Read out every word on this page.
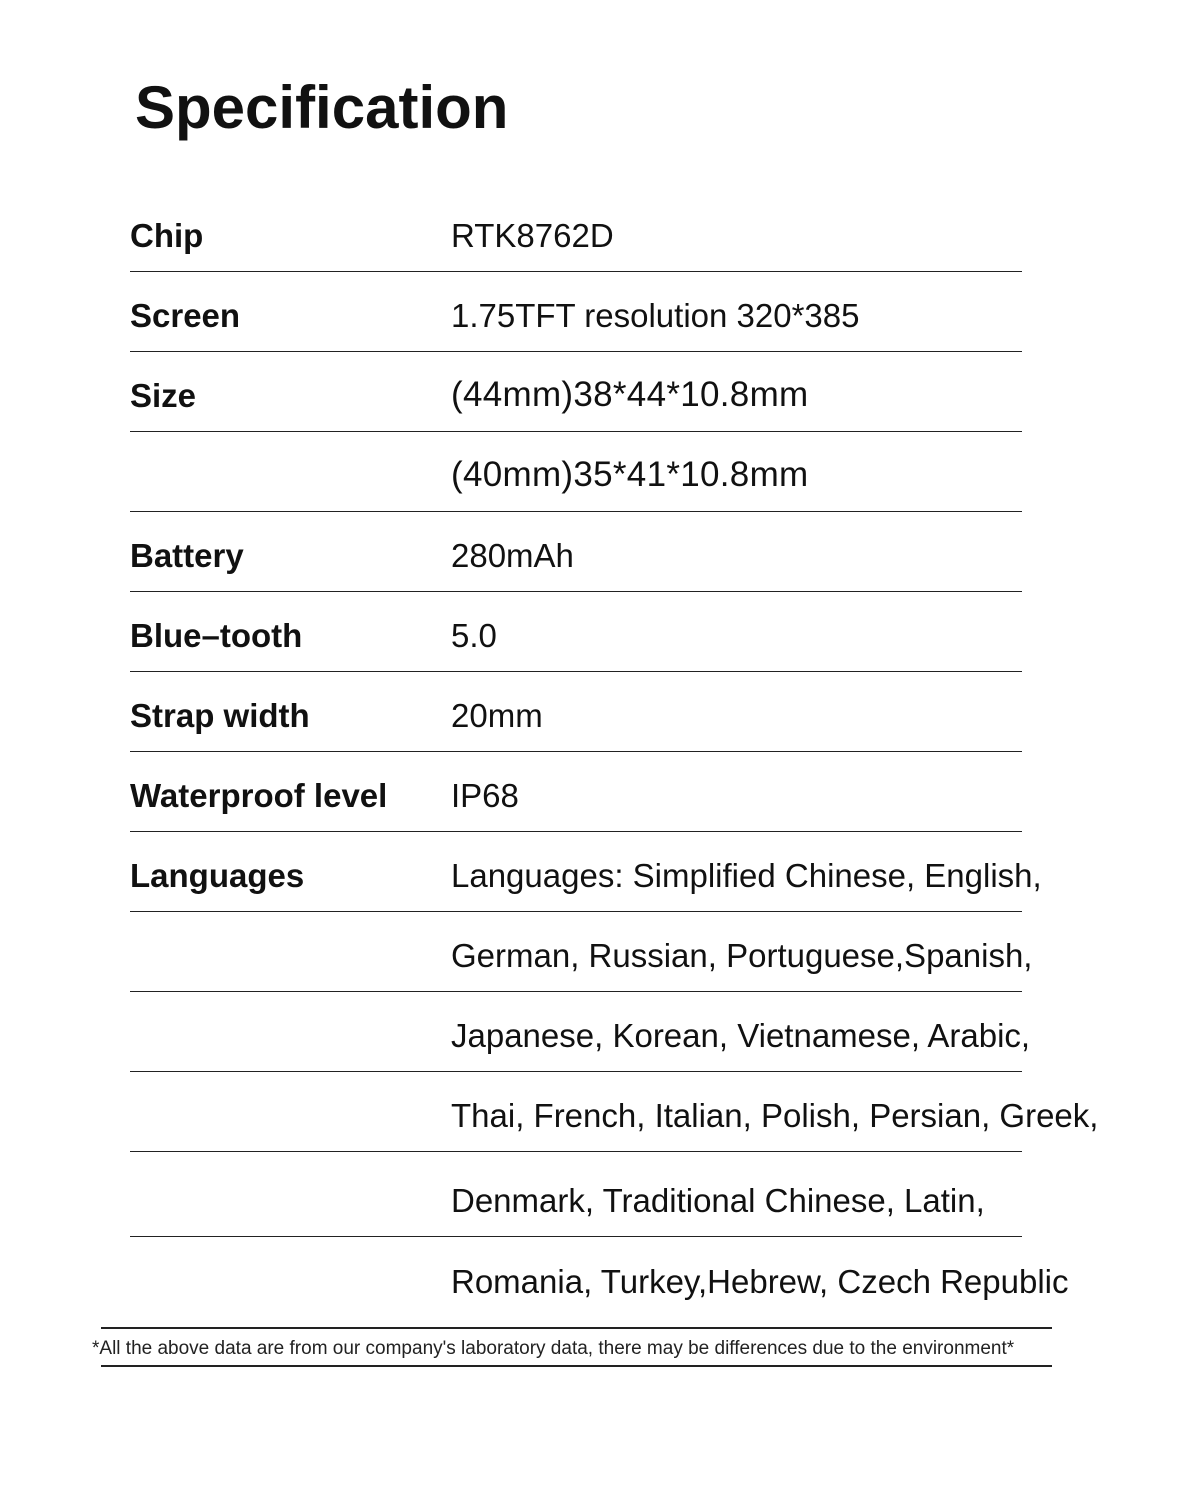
Specification
Chip	RTK8762D
Screen	1.75TFT resolution 320*385
Size	(44mm)38*44*10.8mm
(40mm)35*41*10.8mm
Battery	280mAh
Blue–tooth	5.0
Strap width	20mm
Waterproof level IP68
Languages	Languages: Simplified Chinese, English,
German, Russian, Portuguese,Spanish,
Japanese, Korean, Vietnamese, Arabic,
Thai, French, Italian, Polish, Persian, Greek,
Denmark, Traditional Chinese, Latin,
Romania, Turkey,Hebrew, Czech Republic
*All the above data are from our company's laboratory data, there may be differences due to the environment*
